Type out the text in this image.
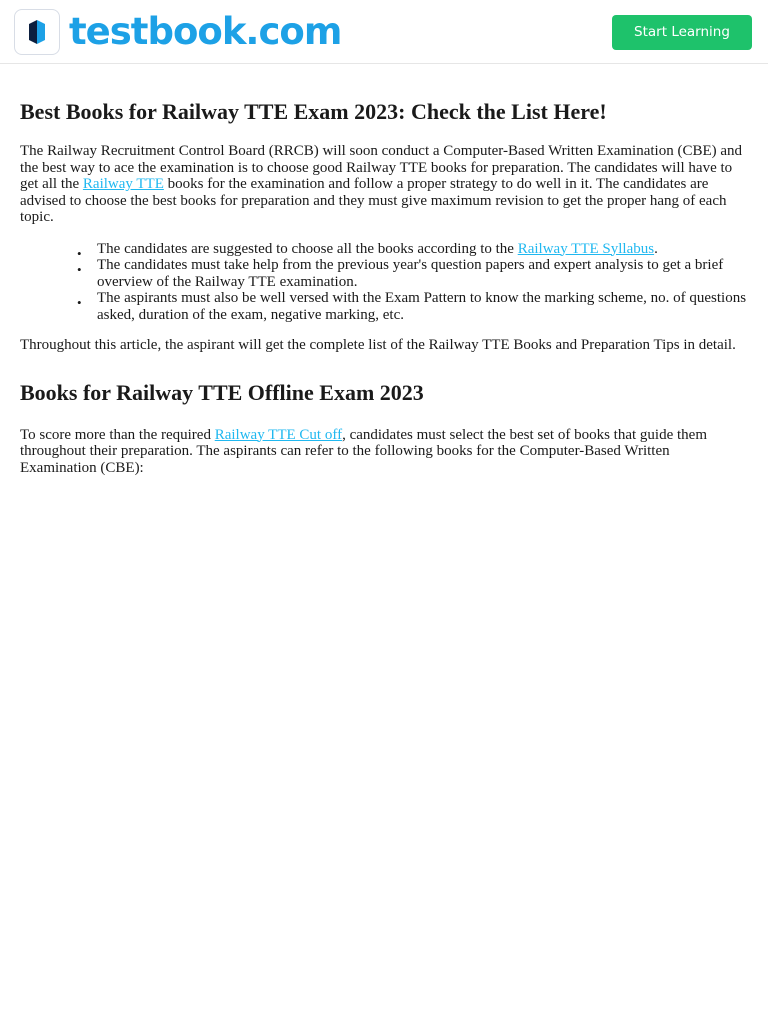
testbook.com	Start Learning
Best Books for Railway TTE Exam 2023: Check the List Here!

The Railway Recruitment Control Board (RRCB) will soon conduct a Computer-Based Written Examination (CBE) and the best way to ace the examination is to choose good Railway TTE books for preparation. The candidates will have to get all the Railway TTE books for the examination and follow a proper strategy to do well in it. The candidates are advised to choose the best books for preparation and they must give maximum revision to get the proper hang of each topic.

• The candidates are suggested to choose all the books according to the Railway TTE Syllabus.
• The candidates must take help from the previous year's question papers and expert analysis to get a brief overview of the Railway TTE examination.
• The aspirants must also be well versed with the Exam Pattern to know the marking scheme, no. of questions asked, duration of the exam, negative marking, etc.

Throughout this article, the aspirant will get the complete list of the Railway TTE Books and Preparation Tips in detail.

Books for Railway TTE Offline Exam 2023

To score more than the required Railway TTE Cut off, candidates must select the best set of books that guide them throughout their preparation. The aspirants can refer to the following books for the Computer-Based Written Examination (CBE):
